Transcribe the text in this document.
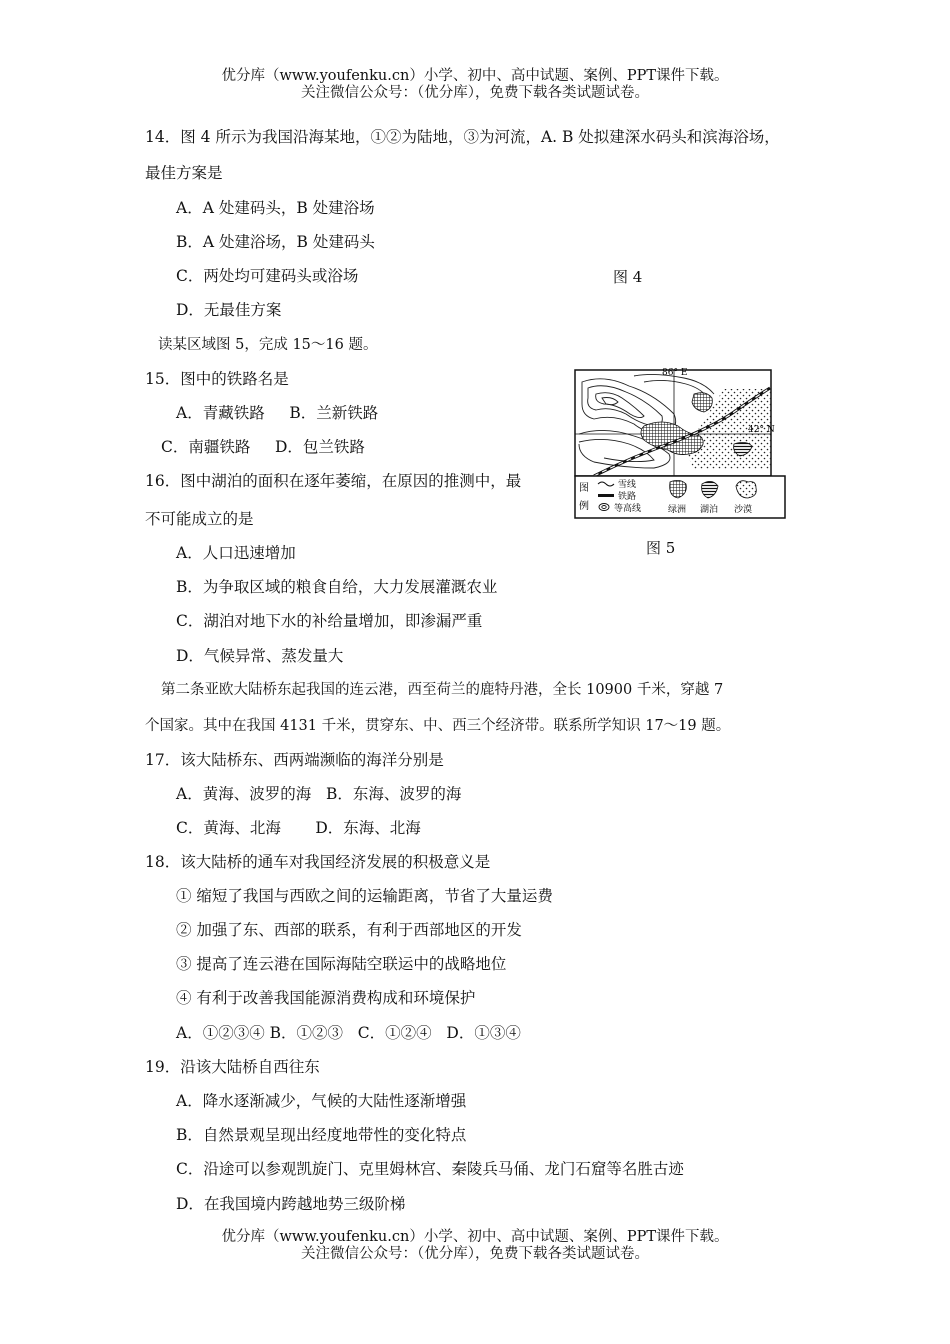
优分库（www.youfenku.cn）小学、初中、高中试题、案例、PPT课件下载。
关注微信公众号：（优分库），免费下载各类试题试卷。
14．图 4 所示为我国沿海某地，①②为陆地，③为河流，A. B 处拟建深水码头和滨海浴场，
最佳方案是
A．A 处建码头，B 处建浴场
B．A 处建浴场，B 处建码头
C．两处均可建码头或浴场	图 4
D．无最佳方案
读某区域图 5，完成 15～16 题。
15．图中的铁路名是
A．青藏铁路     B．兰新铁路
C．南疆铁路     D．包兰铁路
16．图中湖泊的面积在逐年萎缩，在原因的推测中，最
不可能成立的是
图 5
A．人口迅速增加
B．为争取区域的粮食自给，大力发展灌溉农业
C．湖泊对地下水的补给量增加，即渗漏严重
D．气候异常、蒸发量大
86° E
42° N
图
例
雪线
铁路
等高线	绿洲 湖泊 沙漠
第二条亚欧大陆桥东起我国的连云港，西至荷兰的鹿特丹港，全长 10900 千米，穿越 7
个国家。其中在我国 4131 千米，贯穿东、中、西三个经济带。联系所学知识 17～19 题。
17．该大陆桥东、西两端濒临的海洋分别是
A．黄海、波罗的海   B．东海、波罗的海
C．黄海、北海       D．东海、北海
18．该大陆桥的通车对我国经济发展的积极意义是
① 缩短了我国与西欧之间的运输距离，节省了大量运费
② 加强了东、西部的联系，有利于西部地区的开发
③ 提高了连云港在国际海陆空联运中的战略地位
④ 有利于改善我国能源消费构成和环境保护
A．①②③④ B．①②③   C．①②④   D．①③④
19．沿该大陆桥自西往东
A．降水逐渐减少，气候的大陆性逐渐增强
B．自然景观呈现出经度地带性的变化特点
C．沿途可以参观凯旋门、克里姆林宫、秦陵兵马俑、龙门石窟等名胜古迹
D．在我国境内跨越地势三级阶梯
优分库（www.youfenku.cn）小学、初中、高中试题、案例、PPT课件下载。
关注微信公众号：（优分库），免费下载各类试题试卷。
